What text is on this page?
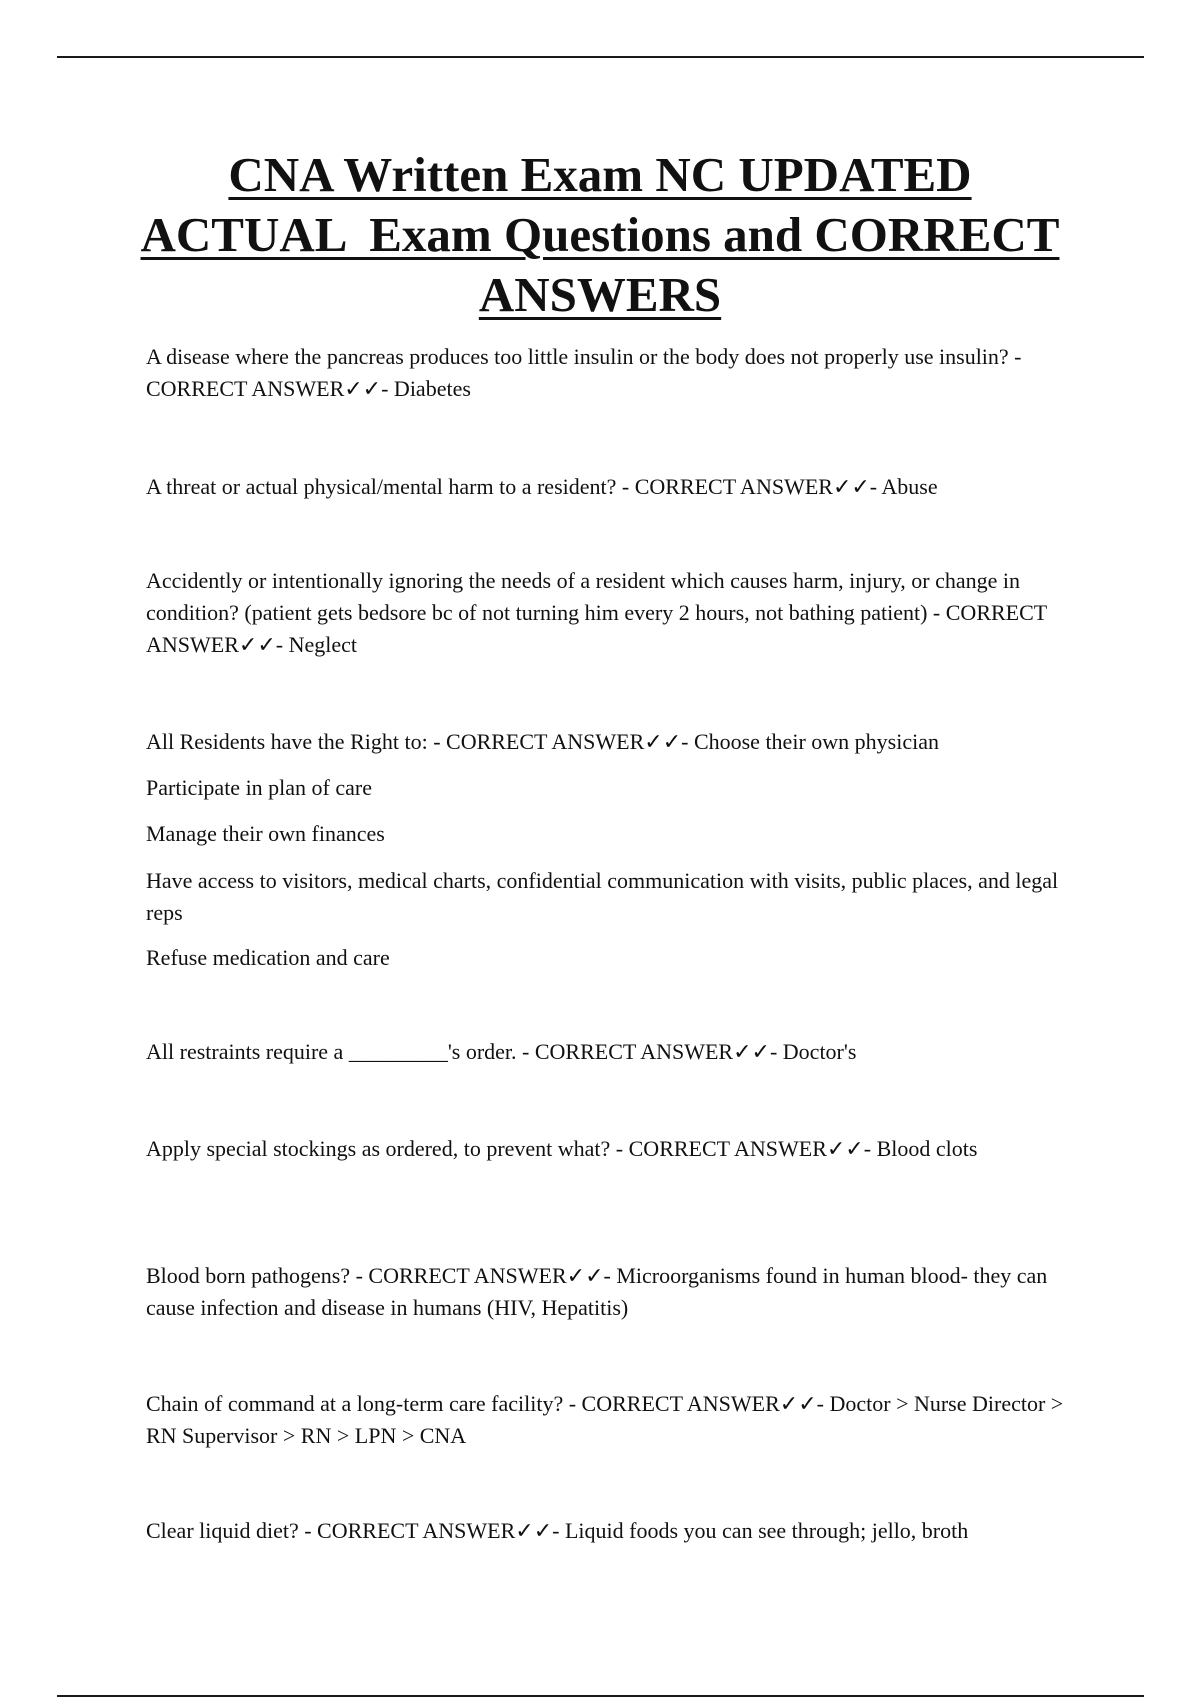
CNA Written Exam NC UPDATED
ACTUAL  Exam Questions and CORRECT
ANSWERS

A disease where the pancreas produces too little insulin or the body does not properly use insulin? - CORRECT ANSWER✓✓- Diabetes

A threat or actual physical/mental harm to a resident? - CORRECT ANSWER✓✓- Abuse

Accidently or intentionally ignoring the needs of a resident which causes harm, injury, or change in condition? (patient gets bedsore bc of not turning him every 2 hours, not bathing patient) - CORRECT ANSWER✓✓- Neglect

All Residents have the Right to: - CORRECT ANSWER✓✓- Choose their own physician

Participate in plan of care

Manage their own finances

Have access to visitors, medical charts, confidential communication with visits, public places, and legal reps

Refuse medication and care

All restraints require a _________'s order. - CORRECT ANSWER✓✓- Doctor's

Apply special stockings as ordered, to prevent what? - CORRECT ANSWER✓✓- Blood clots

Blood born pathogens? - CORRECT ANSWER✓✓- Microorganisms found in human blood- they can cause infection and disease in humans (HIV, Hepatitis)

Chain of command at a long-term care facility? - CORRECT ANSWER✓✓- Doctor > Nurse Director > RN Supervisor > RN > LPN > CNA

Clear liquid diet? - CORRECT ANSWER✓✓- Liquid foods you can see through; jello, broth
